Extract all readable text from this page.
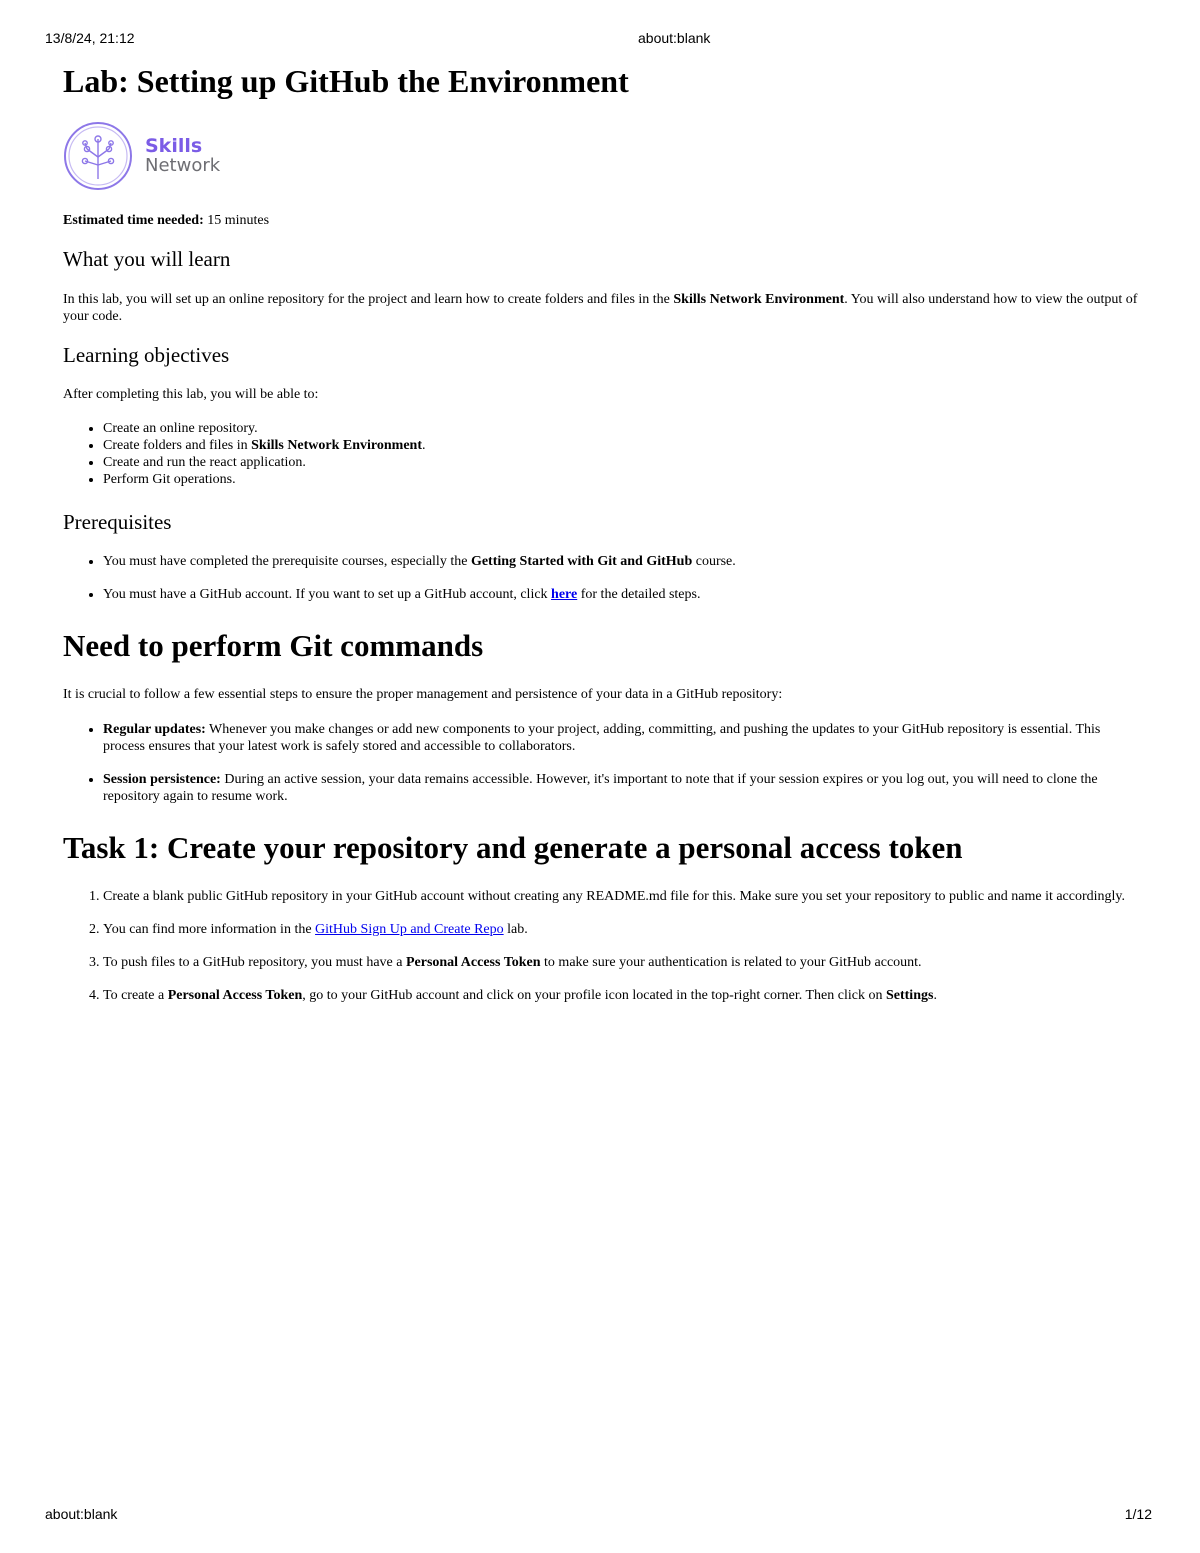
13/8/24, 21:12	about:blank
Lab: Setting up GitHub the Environment
Skills
Network

Estimated time needed: 15 minutes

What you will learn

In this lab, you will set up an online repository for the project and learn how to create folders and files in the Skills Network Environment. You will also understand how to view the output of your code.

Learning objectives

After completing this lab, you will be able to:

• Create an online repository.
• Create folders and files in Skills Network Environment.
• Create and run the react application.
• Perform Git operations.
Prerequisites
• You must have completed the prerequisite courses, especially the Getting Started with Git and GitHub course.
• You must have a GitHub account. If you want to set up a GitHub account, click here for the detailed steps.
Need to perform Git commands

It is crucial to follow a few essential steps to ensure the proper management and persistence of your data in a GitHub repository:

• Regular updates: Whenever you make changes or add new components to your project, adding, committing, and pushing the updates to your GitHub repository is essential. This process ensures that your latest work is safely stored and accessible to collaborators.
• Session persistence: During an active session, your data remains accessible. However, it's important to note that if your session expires or you log out, you will need to clone the repository again to resume work.
Task 1: Create your repository and generate a personal access token
1. Create a blank public GitHub repository in your GitHub account without creating any README.md file for this. Make sure you set your repository to public and name it accordingly.
2. You can find more information in the GitHub Sign Up and Create Repo lab.
3. To push files to a GitHub repository, you must have a Personal Access Token to make sure your authentication is related to your GitHub account.
4. To create a Personal Access Token, go to your GitHub account and click on your profile icon located in the top-right corner. Then click on Settings.
about:blank	1/12
